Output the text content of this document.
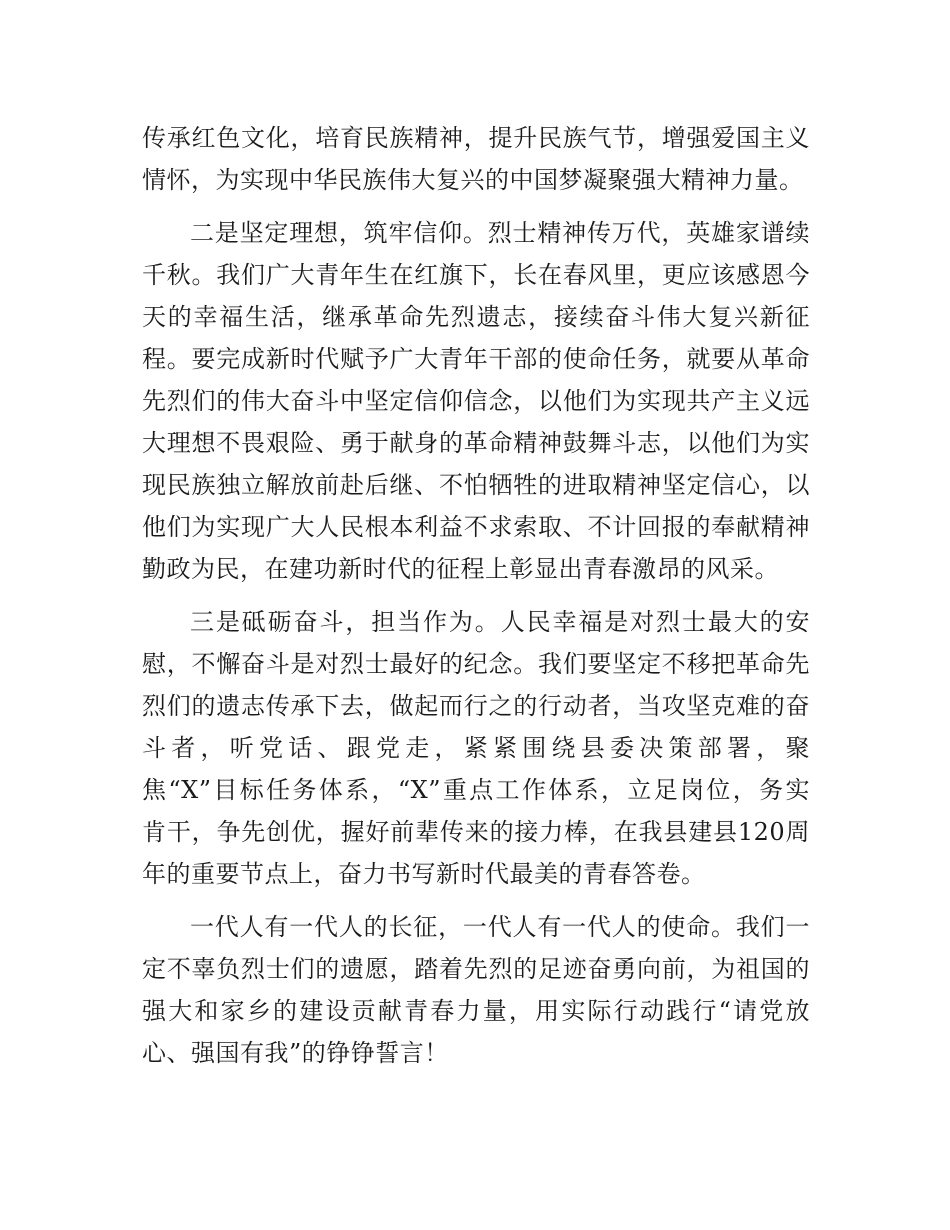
传承红色文化，培育民族精神，提升民族气节，增强爱国主义
情怀，为实现中华民族伟大复兴的中国梦凝聚强大精神力量。
二是坚定理想，筑牢信仰。烈士精神传万代，英雄家谱续
千秋。我们广大青年生在红旗下，长在春风里，更应该感恩今
天的幸福生活，继承革命先烈遗志，接续奋斗伟大复兴新征
程。要完成新时代赋予广大青年干部的使命任务，就要从革命
先烈们的伟大奋斗中坚定信仰信念，以他们为实现共产主义远
大理想不畏艰险、勇于献身的革命精神鼓舞斗志，以他们为实
现民族独立解放前赴后继、不怕牺牲的进取精神坚定信心，以
他们为实现广大人民根本利益不求索取、不计回报的奉献精神
勤政为民，在建功新时代的征程上彰显出青春激昂的风采。
三是砥砺奋斗，担当作为。人民幸福是对烈士最大的安
慰，不懈奋斗是对烈士最好的纪念。我们要坚定不移把革命先
烈们的遗志传承下去，做起而行之的行动者，当攻坚克难的奋
斗者，听党话、跟党走，紧紧围绕县委决策部署，聚
焦“X”目标任务体系，“X”重点工作体系，立足岗位，务实
肯干，争先创优，握好前辈传来的接力棒，在我县建县120周
年的重要节点上，奋力书写新时代最美的青春答卷。
一代人有一代人的长征，一代人有一代人的使命。我们一
定不辜负烈士们的遗愿，踏着先烈的足迹奋勇向前，为祖国的
强大和家乡的建设贡献青春力量，用实际行动践行“请党放
心、强国有我”的铮铮誓言！
